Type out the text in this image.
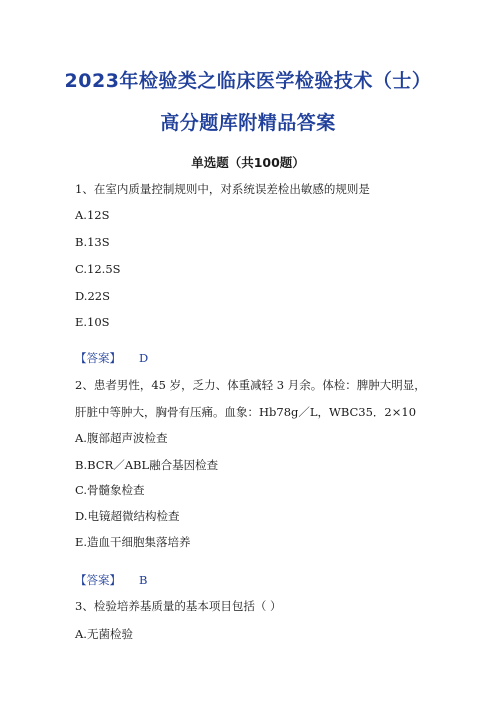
2023年检验类之临床医学检验技术（士）
高分题库附精品答案
单选题（共100题）
1、在室内质量控制规则中，对系统误差检出敏感的规则是
A.12S
B.13S
C.12.5S
D.22S
E.10S
【答案】 D
2、患者男性，45 岁，乏力、体重减轻 3 月余。体检：脾肿大明显，
肝脏中等肿大，胸骨有压痛。血象：Hb78g／L，WBC35．2×10
A.腹部超声波检查
B.BCR／ABL融合基因检查
C.骨髓象检查
D.电镜超微结构检查
E.造血干细胞集落培养
【答案】 B
3、检验培养基质量的基本项目包括（ ）
A.无菌检验
